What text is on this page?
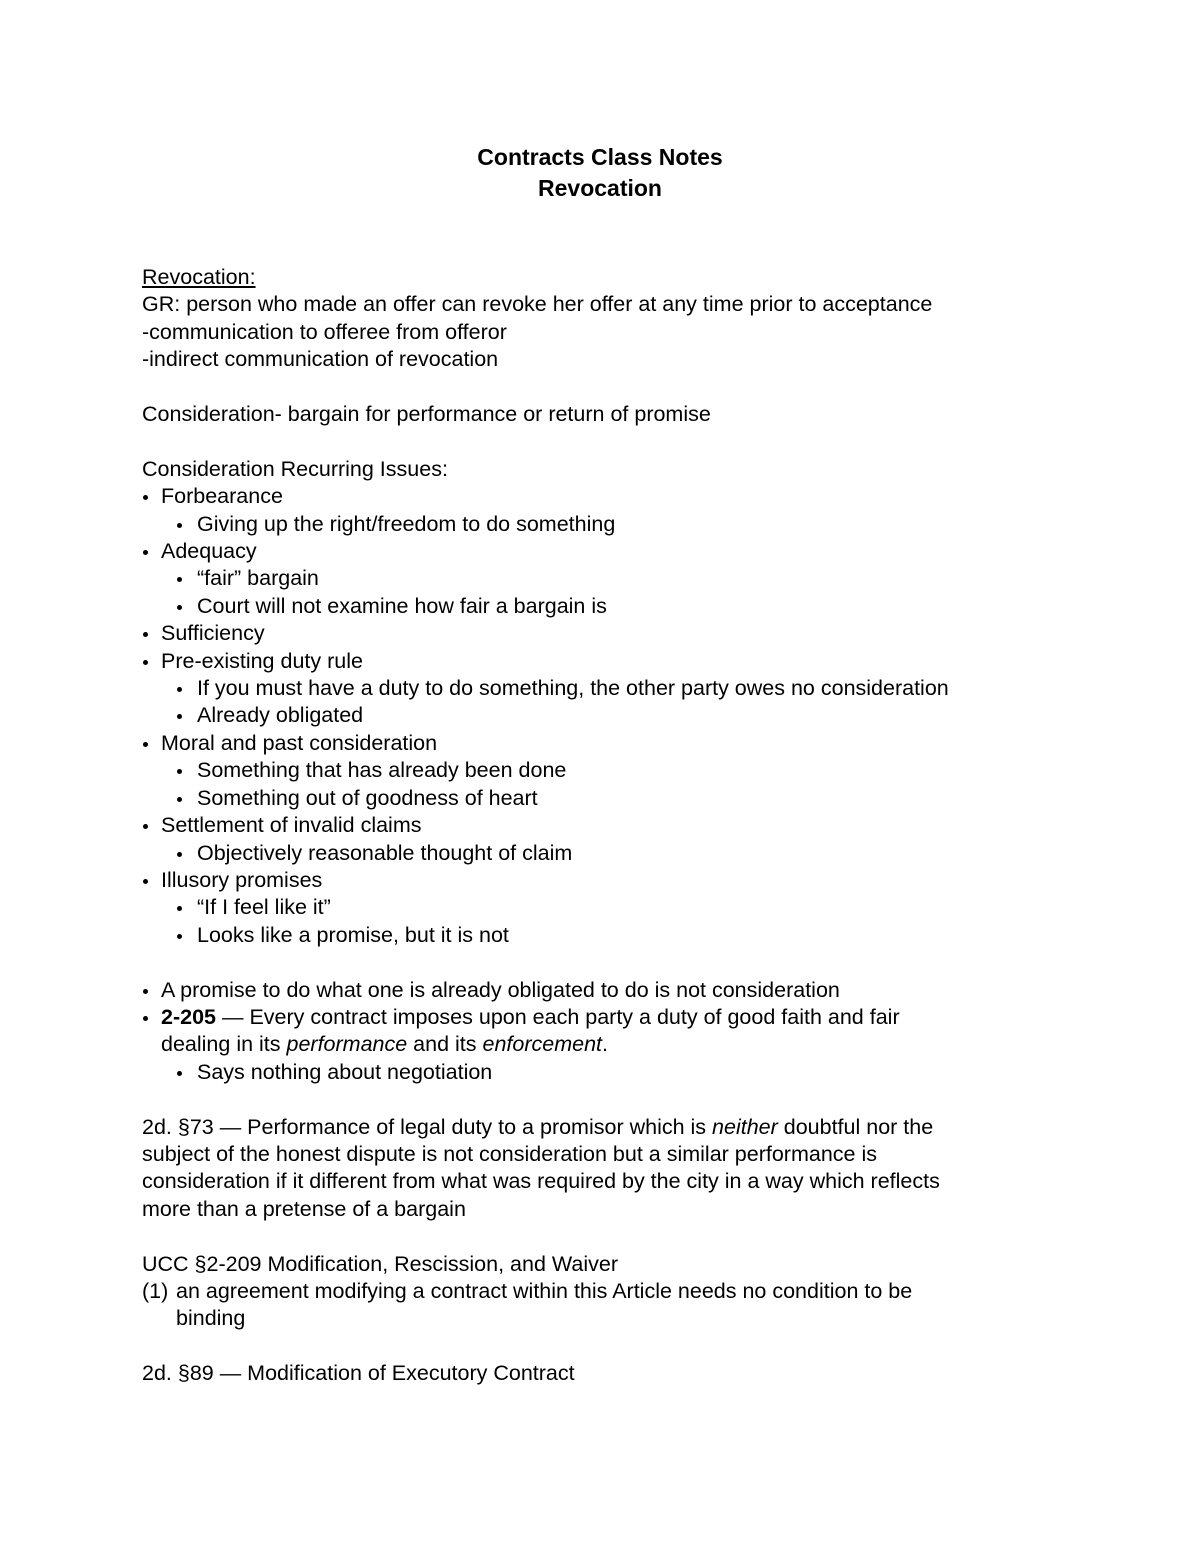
Contracts Class Notes

Revocation

Revocation:

GR: person who made an offer can revoke her offer at any time prior to acceptance

-communication to offeree from offeror

-indirect communication of revocation

Consideration- bargain for performance or return of promise

Consideration Recurring Issues:

Forbearance

Giving up the right/freedom to do something

Adequacy

“fair” bargain

Court will not examine how fair a bargain is

Sufficiency

Pre-existing duty rule

If you must have a duty to do something, the other party owes no consideration

Already obligated

Moral and past consideration

Something that has already been done

Something out of goodness of heart

Settlement of invalid claims

Objectively reasonable thought of claim

Illusory promises

“If I feel like it”

Looks like a promise, but it is not

A promise to do what one is already obligated to do is not consideration

2-205 — Every contract imposes upon each party a duty of good faith and fair

dealing in its performance and its enforcement.

Says nothing about negotiation

2d. §73 — Performance of legal duty to a promisor which is neither doubtful nor the

subject of the honest dispute is not consideration but a similar performance is

consideration if it different from what was required by the city in a way which reflects

more than a pretense of a bargain

UCC §2-209 Modification, Rescission, and Waiver

(1) an agreement modifying a contract within this Article needs no condition to be

binding

2d. §89 — Modification of Executory Contract
